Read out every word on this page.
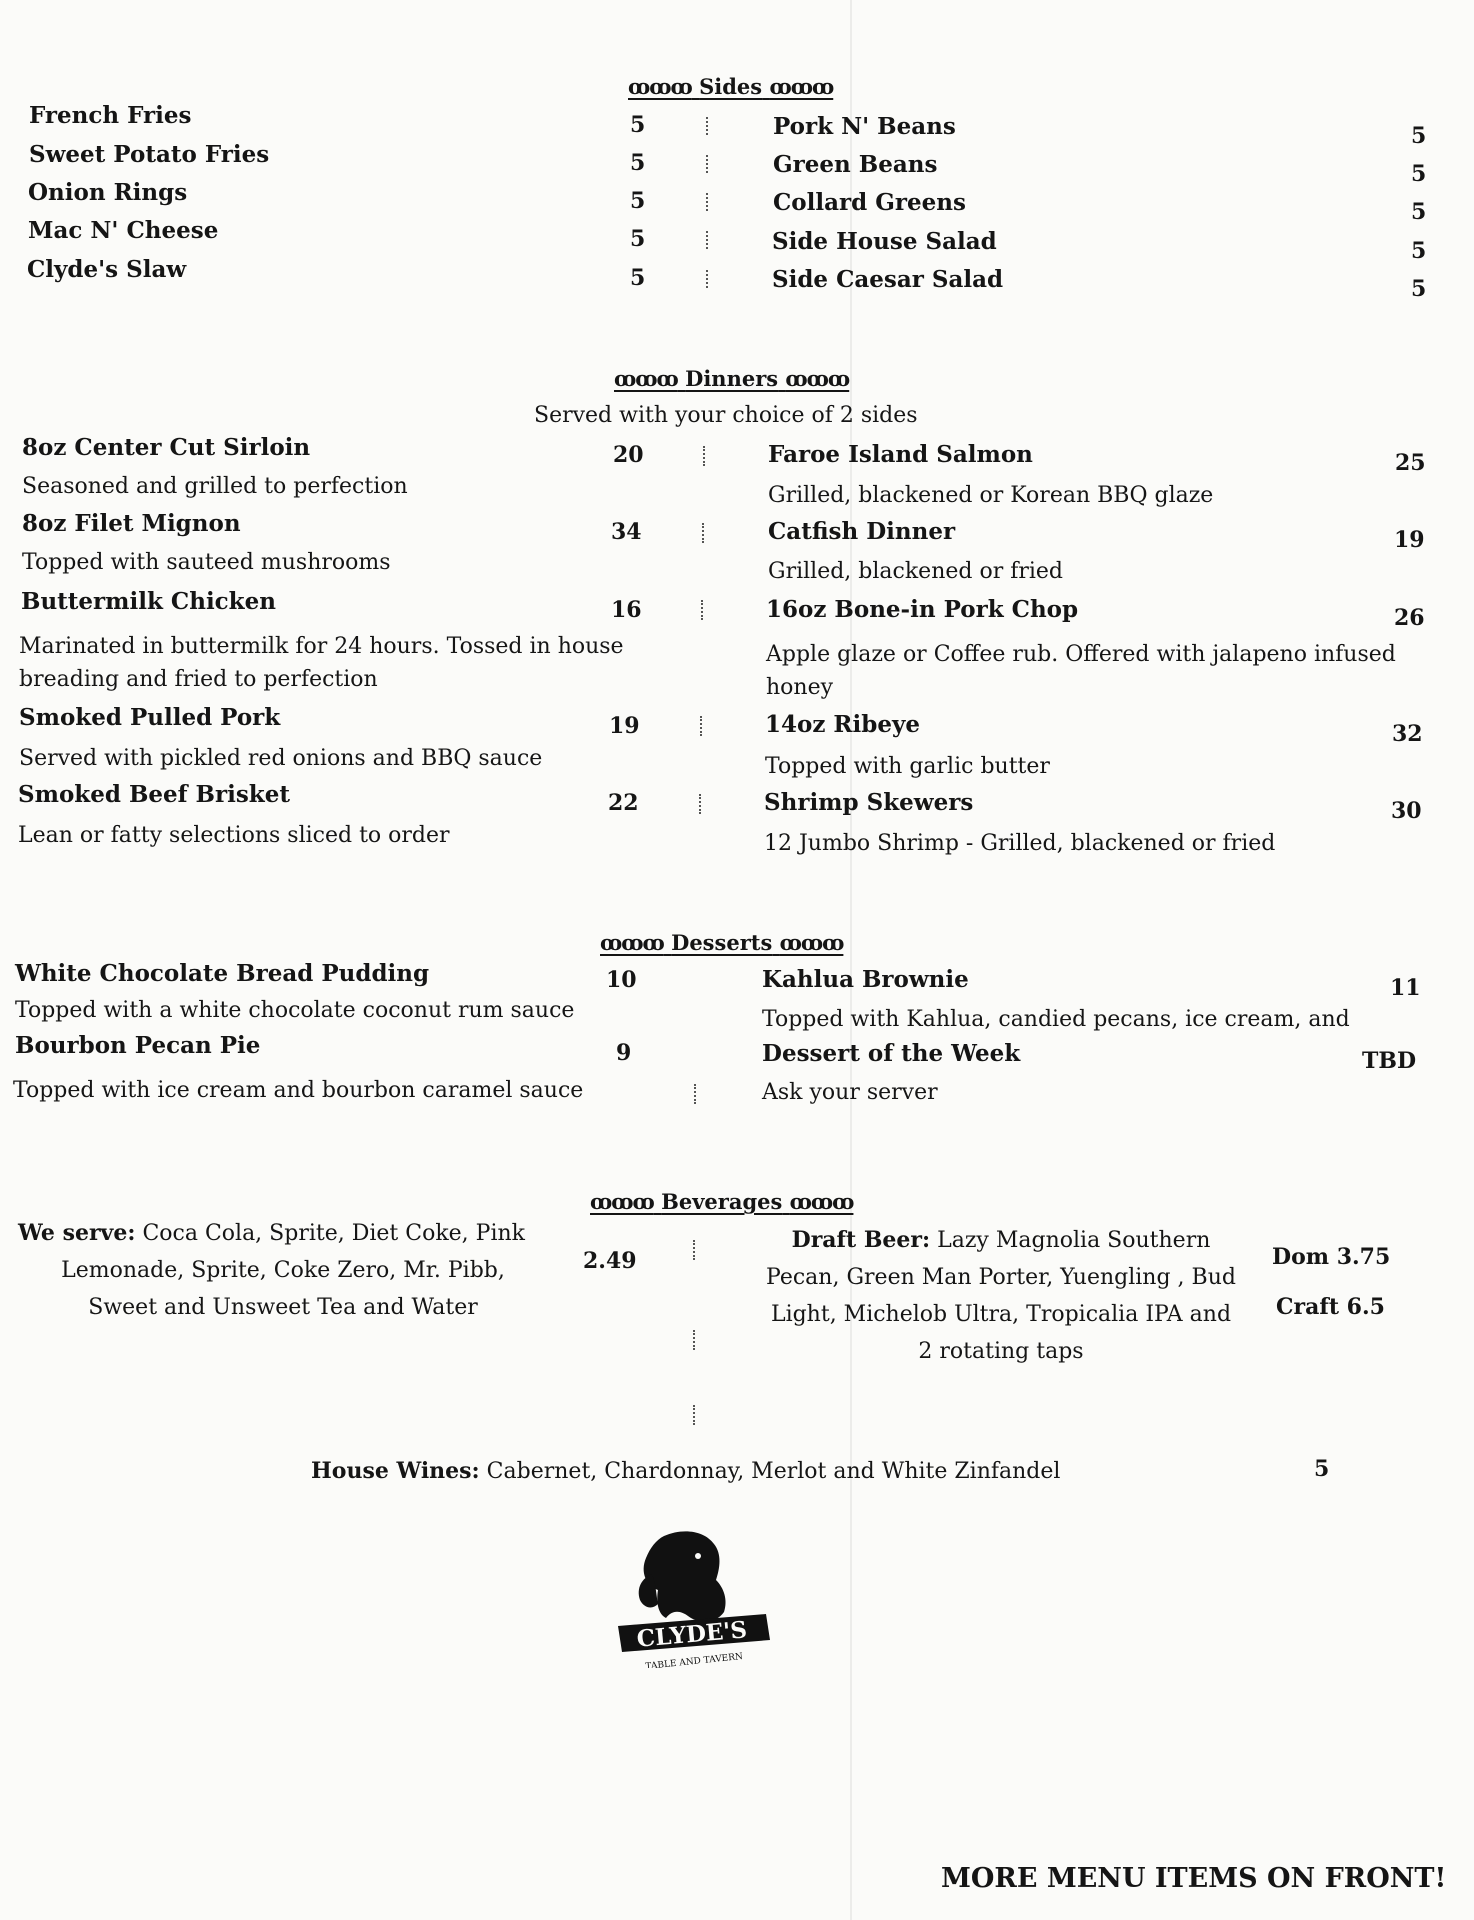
ꝏꝏꝏ Sides ꝏꝏꝏ
French Fries	5
Sweet Potato Fries	5
Onion Rings	5
Mac N' Cheese	5
Clyde's Slaw	5
Pork N' Beans	5
Green Beans	5
Collard Greens	5
Side House Salad	5
Side Caesar Salad	5
ꝏꝏꝏ Dinners ꝏꝏꝏ
Served with your choice of 2 sides
8oz Center Cut Sirloin	20
Seasoned and grilled to perfection
8oz Filet Mignon	34
Topped with sauteed mushrooms
Buttermilk Chicken	16
Marinated in buttermilk for 24 hours. Tossed in house breading and fried to perfection
Smoked Pulled Pork	19
Served with pickled red onions and BBQ sauce
Smoked Beef Brisket	22
Lean or fatty selections sliced to order
Faroe Island Salmon	25
Grilled, blackened or Korean BBQ glaze
Catfish Dinner	19
Grilled, blackened or fried
16oz Bone-in Pork Chop	26
Apple glaze or Coffee rub. Offered with jalapeno infused honey
14oz Ribeye	32
Topped with garlic butter
Shrimp Skewers	30
12 Jumbo Shrimp - Grilled, blackened or fried
ꝏꝏꝏ Desserts ꝏꝏꝏ
White Chocolate Bread Pudding	10
Topped with a white chocolate coconut rum sauce
Bourbon Pecan Pie	9
Topped with ice cream and bourbon caramel sauce
Kahlua Brownie	11
Topped with Kahlua, candied pecans, ice cream, and
Dessert of the Week	TBD
Ask your server
ꝏꝏꝏ Beverages ꝏꝏꝏ
We serve: Coca Cola, Sprite, Diet Coke, Pink
Lemonade, Sprite, Coke Zero, Mr. Pibb,
Sweet and Unsweet Tea and Water
2.49
Draft Beer: Lazy Magnolia Southern
Pecan, Green Man Porter, Yuengling , Bud
Light, Michelob Ultra, Tropicalia IPA and
2 rotating taps
Dom 3.75
Craft 6.5
House Wines: Cabernet, Chardonnay, Merlot and White Zinfandel	5
CLYDE'S
TABLE AND TAVERN
MORE MENU ITEMS ON FRONT!
